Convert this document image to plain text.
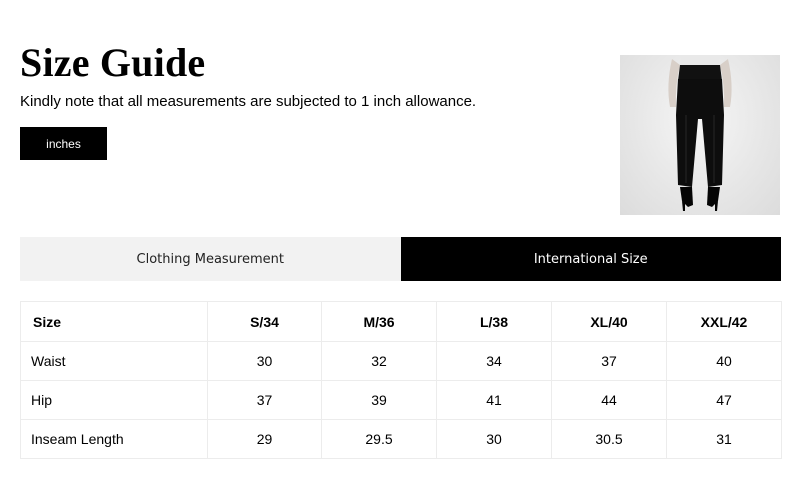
Size Guide

Kindly note that all measurements are subjected to 1 inch allowance.

inches
Clothing Measurement	International Size
Size	S/34	M/36	L/38	XL/40	XXL/42
Waist	30	32	34	37	40
Hip	37	39	41	44	47
Inseam Length	29	29.5	30	30.5	31
